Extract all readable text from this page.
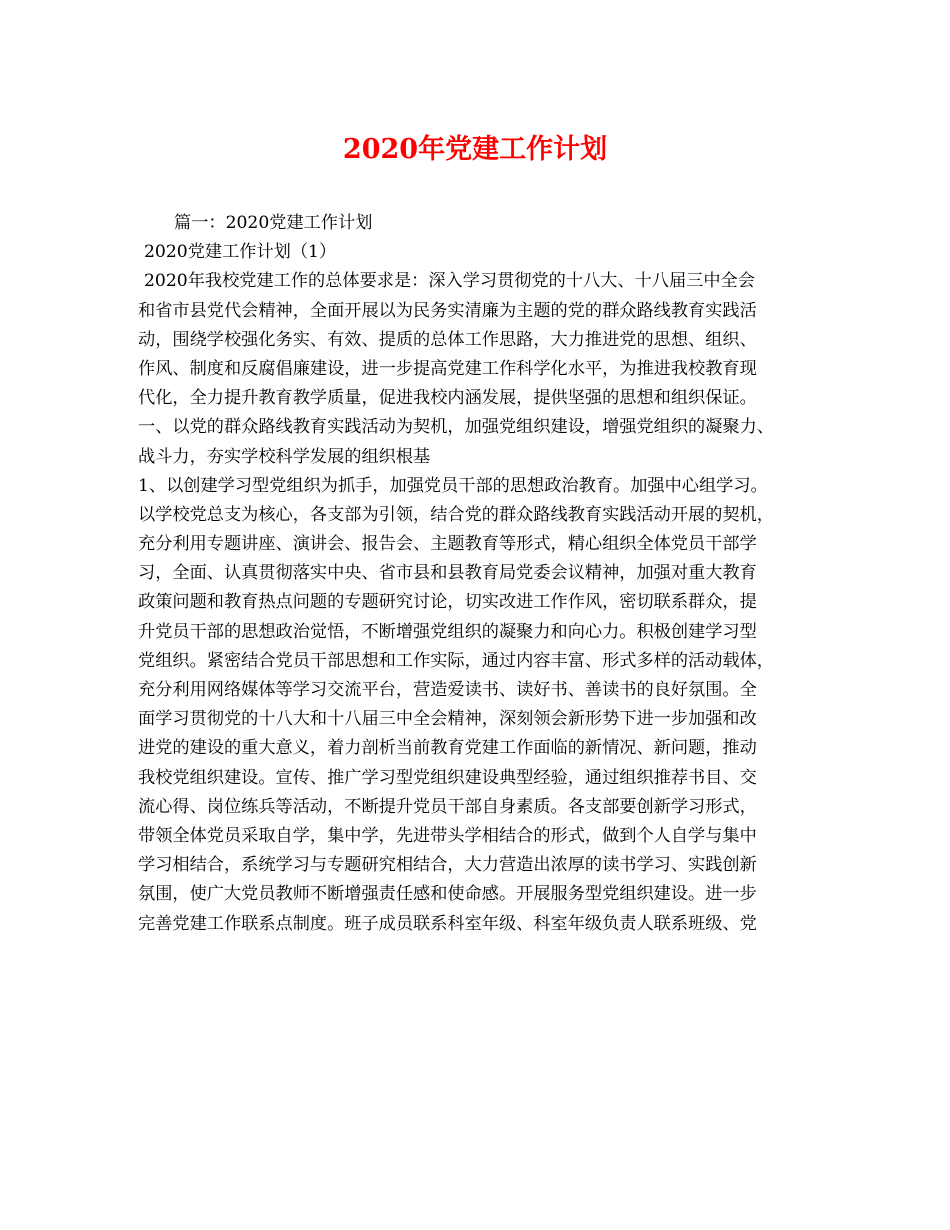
2020年党建工作计划
篇一：2020党建工作计划
2020党建工作计划（1）
2020年我校党建工作的总体要求是：深入学习贯彻党的十八大、十八届三中全会
和省市县党代会精神，全面开展以为民务实清廉为主题的党的群众路线教育实践活
动，围绕学校强化务实、有效、提质的总体工作思路，大力推进党的思想、组织、
作风、制度和反腐倡廉建设，进一步提高党建工作科学化水平，为推进我校教育现
代化，全力提升教育教学质量，促进我校内涵发展，提供坚强的思想和组织保证。
一、以党的群众路线教育实践活动为契机，加强党组织建设，增强党组织的凝聚力、
战斗力，夯实学校科学发展的组织根基
1、以创建学习型党组织为抓手，加强党员干部的思想政治教育。加强中心组学习。
以学校党总支为核心，各支部为引领，结合党的群众路线教育实践活动开展的契机，
充分利用专题讲座、演讲会、报告会、主题教育等形式，精心组织全体党员干部学
习，全面、认真贯彻落实中央、省市县和县教育局党委会议精神，加强对重大教育
政策问题和教育热点问题的专题研究讨论，切实改进工作作风，密切联系群众，提
升党员干部的思想政治觉悟，不断增强党组织的凝聚力和向心力。积极创建学习型
党组织。紧密结合党员干部思想和工作实际，通过内容丰富、形式多样的活动载体，
充分利用网络媒体等学习交流平台，营造爱读书、读好书、善读书的良好氛围。全
面学习贯彻党的十八大和十八届三中全会精神，深刻领会新形势下进一步加强和改
进党的建设的重大意义，着力剖析当前教育党建工作面临的新情况、新问题，推动
我校党组织建设。宣传、推广学习型党组织建设典型经验，通过组织推荐书目、交
流心得、岗位练兵等活动，不断提升党员干部自身素质。各支部要创新学习形式，
带领全体党员采取自学，集中学，先进带头学相结合的形式，做到个人自学与集中
学习相结合，系统学习与专题研究相结合，大力营造出浓厚的读书学习、实践创新
氛围，使广大党员教师不断增强责任感和使命感。开展服务型党组织建设。进一步
完善党建工作联系点制度。班子成员联系科室年级、科室年级负责人联系班级、党
